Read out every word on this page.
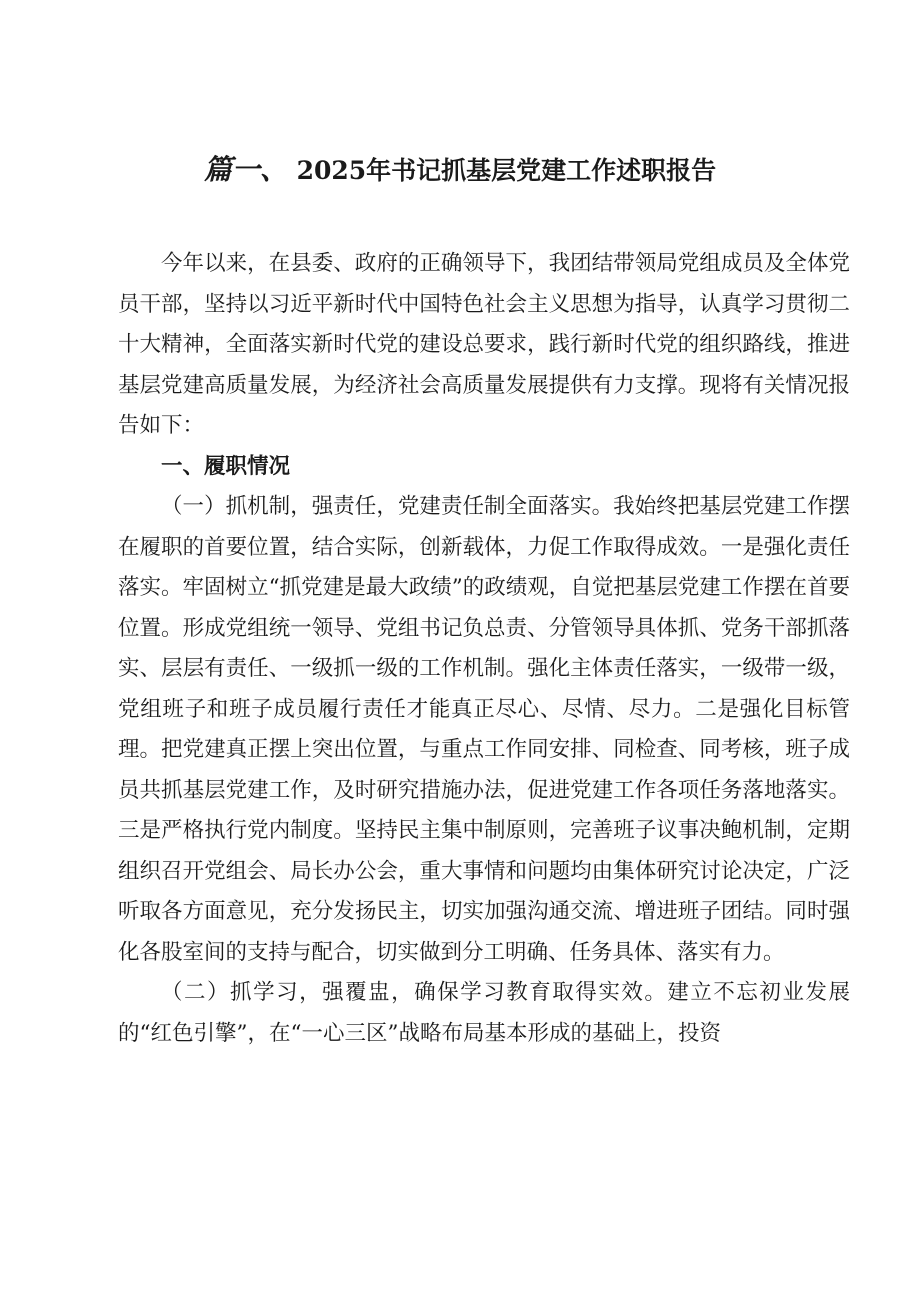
篇一、 2025年书记抓基层党建工作述职报告

今年以来，在县委、政府的正确领导下，我团结带领局党组成员及全体党员干部，坚持以习近平新时代中国特色社会主义思想为指导，认真学习贯彻二十大精神，全面落实新时代党的建设总要求，践行新时代党的组织路线，推进基层党建高质量发展，为经济社会高质量发展提供有力支撑。现将有关情况报告如下：

一、履职情况

（一）抓机制，强责任，党建责任制全面落实。我始终把基层党建工作摆在履职的首要位置，结合实际，创新载体，力促工作取得成效。一是强化责任落实。牢固树立“抓党建是最大政绩”的政绩观，自觉把基层党建工作摆在首要位置。形成党组统一领导、党组书记负总责、分管领导具体抓、党务干部抓落实、层层有责任、一级抓一级的工作机制。强化主体责任落实，一级带一级，党组班子和班子成员履行责任才能真正尽心、尽情、尽力。二是强化目标管理。把党建真正摆上突出位置，与重点工作同安排、同检查、同考核，班子成员共抓基层党建工作，及时研究措施办法，促进党建工作各项任务落地落实。三是严格执行党内制度。坚持民主集中制原则，完善班子议事决鲍机制，定期组织召开党组会、局长办公会，重大事情和问题均由集体研究讨论决定，广泛听取各方面意见，充分发扬民主，切实加强沟通交流、增进班子团结。同时强化各股室间的支持与配合，切实做到分工明确、任务具体、落实有力。

（二）抓学习，强覆盅，确保学习教育取得实效。建立不忘初业发展的“红色引擎”，在“一心三区”战略布局基本形成的基础上，投资
